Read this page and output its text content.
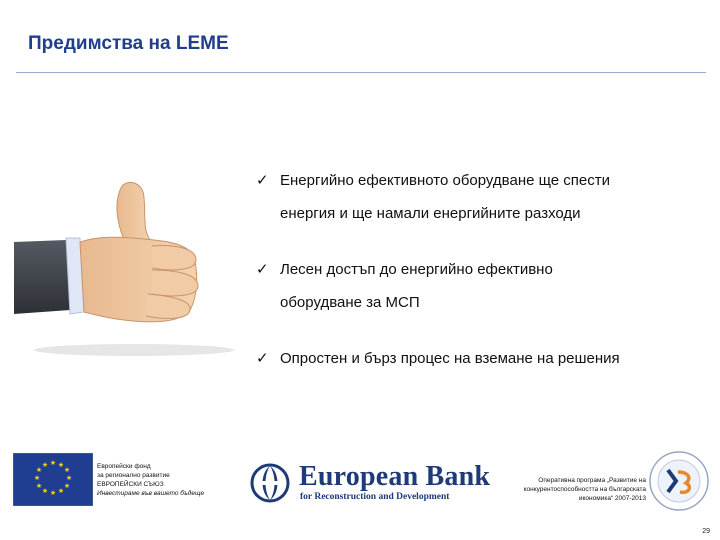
Предимства на LEME
✓ Енергийно ефективното оборудване ще спести
енергия и ще намали енергийните разходи
✓ Лесен достъп до енергийно ефективно
оборудване за МСП
✓ Опростен и бърз процес на вземане на решения
★ ★
★
★
★
★
★
★
★
★
★
★	Европейски фонд
за регионално развитие
ЕВРОПЕЙСКИ СЪЮЗ
Инвестираме във вашето бъдеще
European Bank
for Reconstruction and Development
Оперативна програма „Развитие на
конкурентоспособността на българската
икономика“ 2007-2013
29
